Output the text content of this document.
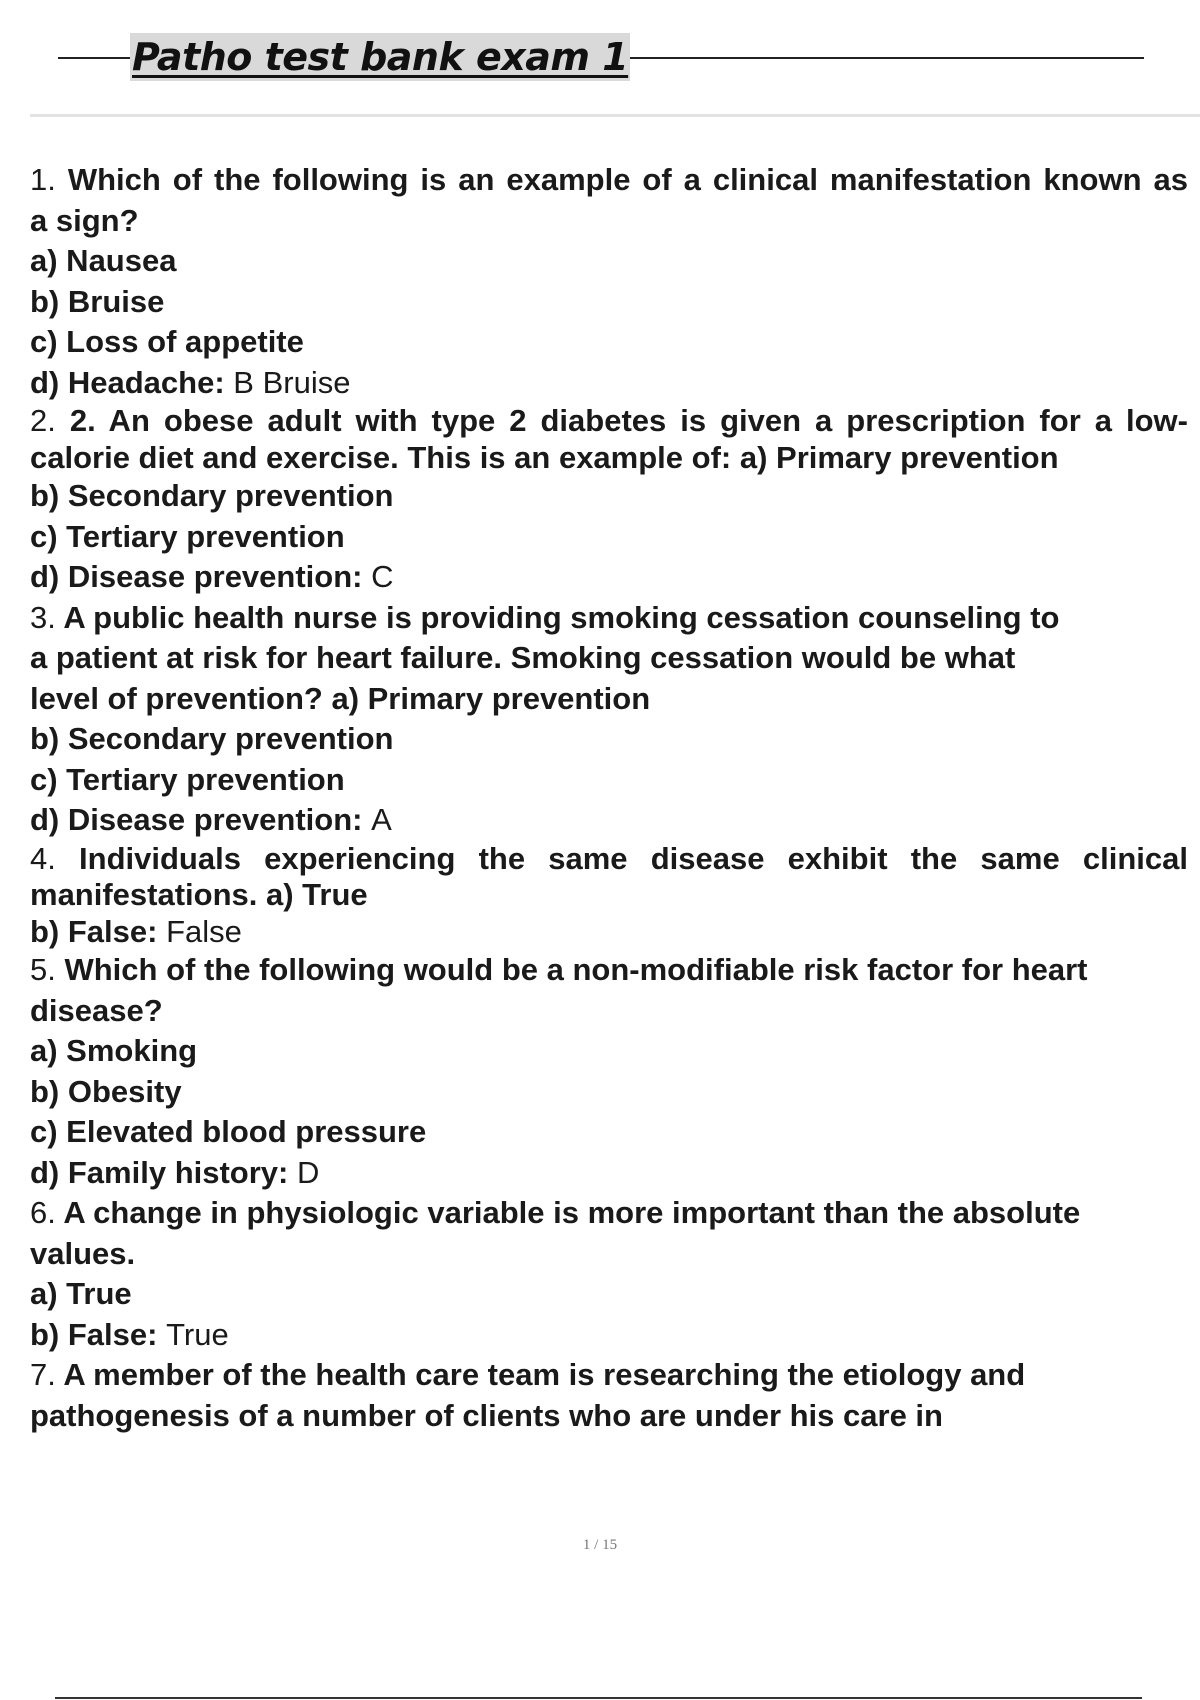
Patho test bank exam 1
1. Which of the following is an example of a clinical manifestation known as
a sign?
a) Nausea
b) Bruise
c) Loss of appetite
d) Headache: B Bruise
2. 2. An obese adult with type 2 diabetes is given a prescription for a low-
calorie diet and exercise. This is an example of: a) Primary prevention
b) Secondary prevention
c) Tertiary prevention
d) Disease prevention: C
3. A public health nurse is providing smoking cessation counseling to
a patient at risk for heart failure. Smoking cessation would be what
level of prevention? a) Primary prevention
b) Secondary prevention
c) Tertiary prevention
d) Disease prevention: A
4. Individuals experiencing the same disease exhibit the same clinical
manifestations. a) True
b) False: False
5. Which of the following would be a non-modifiable risk factor for heart
disease?
a) Smoking
b) Obesity
c) Elevated blood pressure
d) Family history: D
6. A change in physiologic variable is more important than the absolute
values.
a) True
b) False: True
7. A member of the health care team is researching the etiology and
pathogenesis of a number of clients who are under his care in
1 / 15
